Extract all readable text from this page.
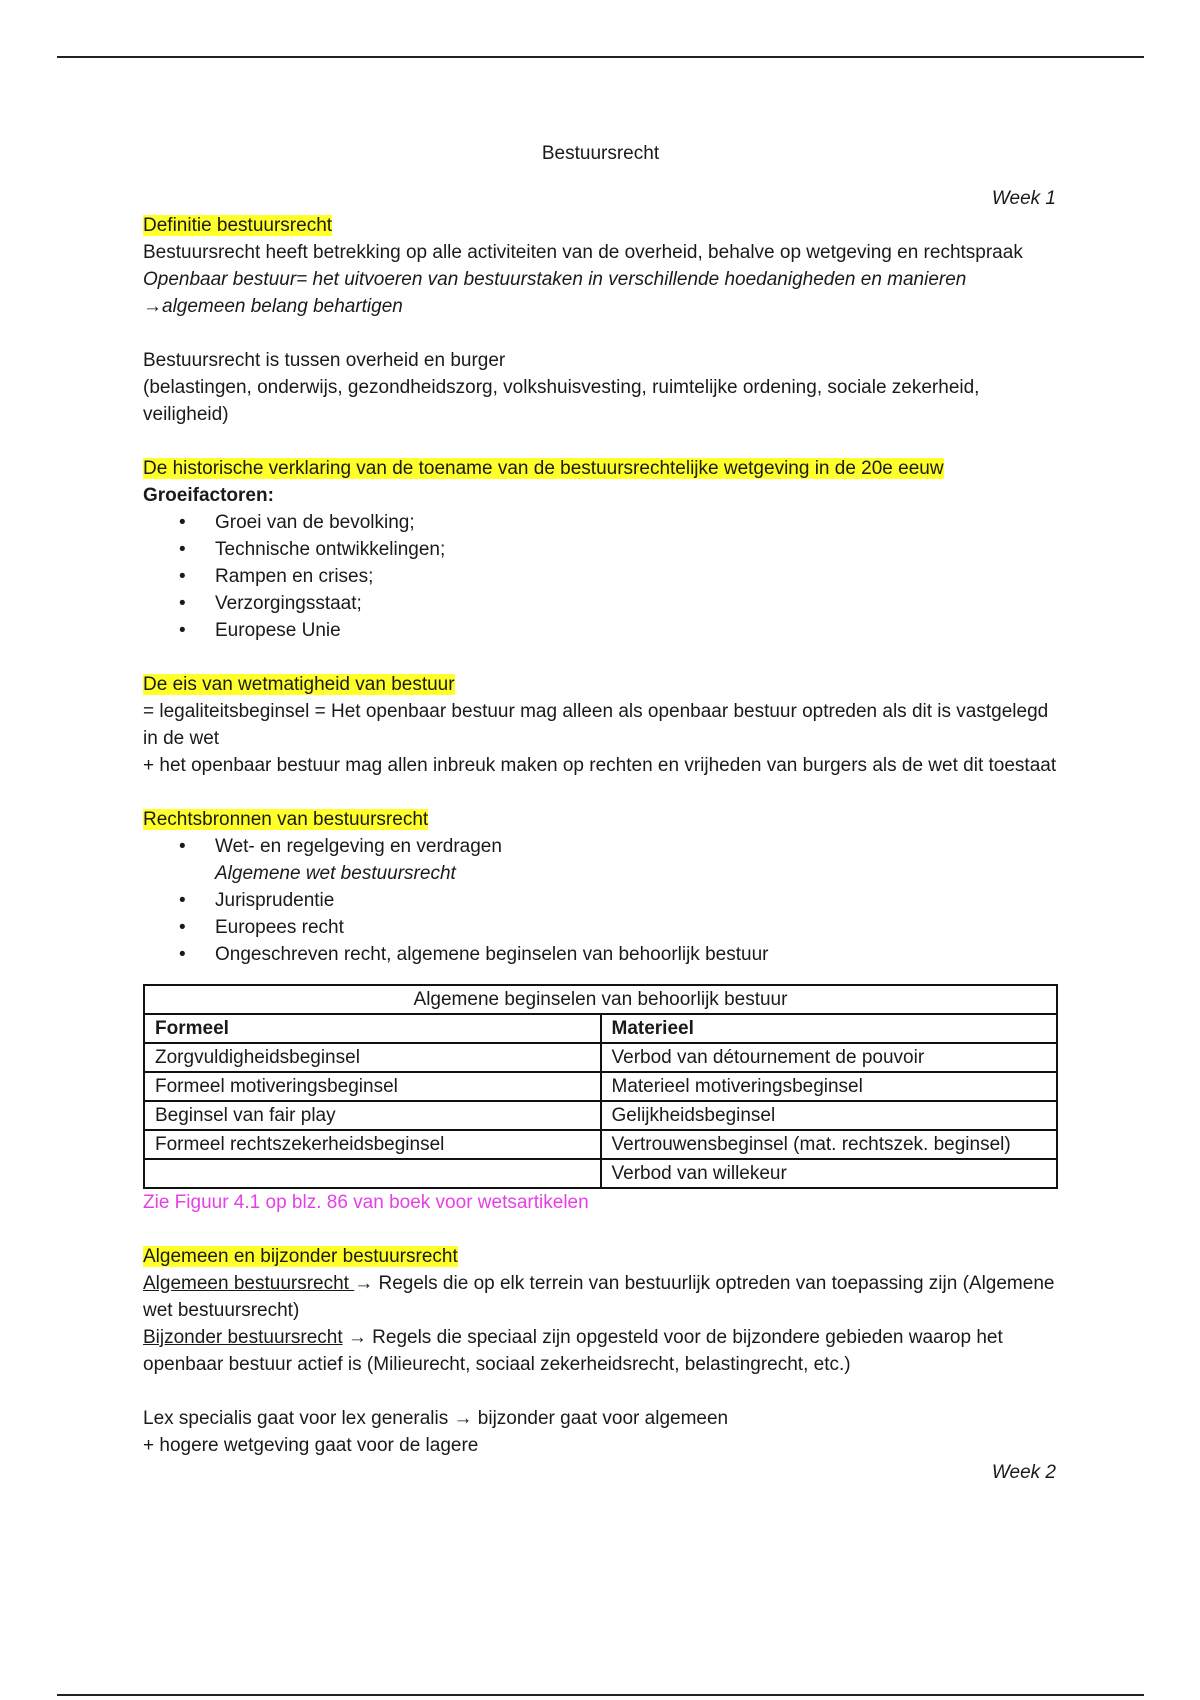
Bestuursrecht

Week 1

Definitie bestuursrecht

Bestuursrecht heeft betrekking op alle activiteiten van de overheid, behalve op wetgeving en rechtspraak

Openbaar bestuur= het uitvoeren van bestuurstaken in verschillende hoedanigheden en manieren

→algemeen belang behartigen

Bestuursrecht is tussen overheid en burger

(belastingen, onderwijs, gezondheidszorg, volkshuisvesting, ruimtelijke ordening, sociale zekerheid, veiligheid)

De historische verklaring van de toename van de bestuursrechtelijke wetgeving in de 20e eeuw

Groeifactoren:

• Groei van de bevolking;
• Technische ontwikkelingen;
• Rampen en crises;
• Verzorgingsstaat;
• Europese Unie

De eis van wetmatigheid van bestuur

= legaliteitsbeginsel = Het openbaar bestuur mag alleen als openbaar bestuur optreden als dit is vastgelegd in de wet

+ het openbaar bestuur mag allen inbreuk maken op rechten en vrijheden van burgers als de wet dit toestaat

Rechtsbronnen van bestuursrecht

• Wet- en regelgeving en verdragen
Algemene wet bestuursrecht
• Jurisprudentie
• Europees recht
• Ongeschreven recht, algemene beginselen van behoorlijk bestuur
Algemene beginselen van behoorlijk bestuur	
Formeel	Materieel
Zorgvuldigheidsbeginsel	Verbod van détournement de pouvoir
Formeel motiveringsbeginsel	Materieel motiveringsbeginsel
Beginsel van fair play	Gelijkheidsbeginsel
Formeel rechtszekerheidsbeginsel	Vertrouwensbeginsel (mat. rechtszek. beginsel)
	Verbod van willekeur

Zie Figuur 4.1 op blz. 86 van boek voor wetsartikelen

Algemeen en bijzonder bestuursrecht

Algemeen bestuursrecht → Regels die op elk terrein van bestuurlijk optreden van toepassing zijn (Algemene wet bestuursrecht)

Bijzonder bestuursrecht → Regels die speciaal zijn opgesteld voor de bijzondere gebieden waarop het openbaar bestuur actief is (Milieurecht, sociaal zekerheidsrecht, belastingrecht, etc.)

Lex specialis gaat voor lex generalis → bijzonder gaat voor algemeen

+ hogere wetgeving gaat voor de lagere

Week 2
